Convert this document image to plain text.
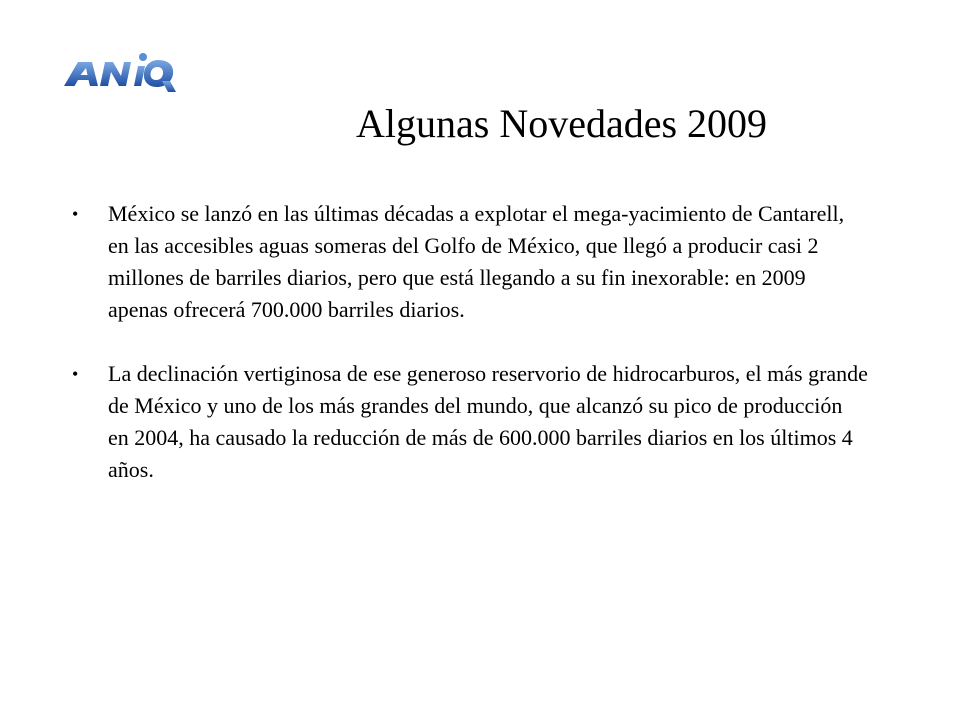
Algunas Novedades 2009
•	México se lanzó en las últimas décadas a explotar el mega-yacimiento de Cantarell, en las accesibles aguas someras del Golfo de México, que llegó a producir casi 2 millones de barriles diarios, pero que está llegando a su fin inexorable: en 2009 apenas ofrecerá 700.000 barriles diarios.
•	La declinación vertiginosa de ese generoso reservorio de hidrocarburos, el más grande de México y uno de los más grandes del mundo, que alcanzó su pico de producción en 2004, ha causado la reducción de más de 600.000 barriles diarios en los últimos 4 años.
